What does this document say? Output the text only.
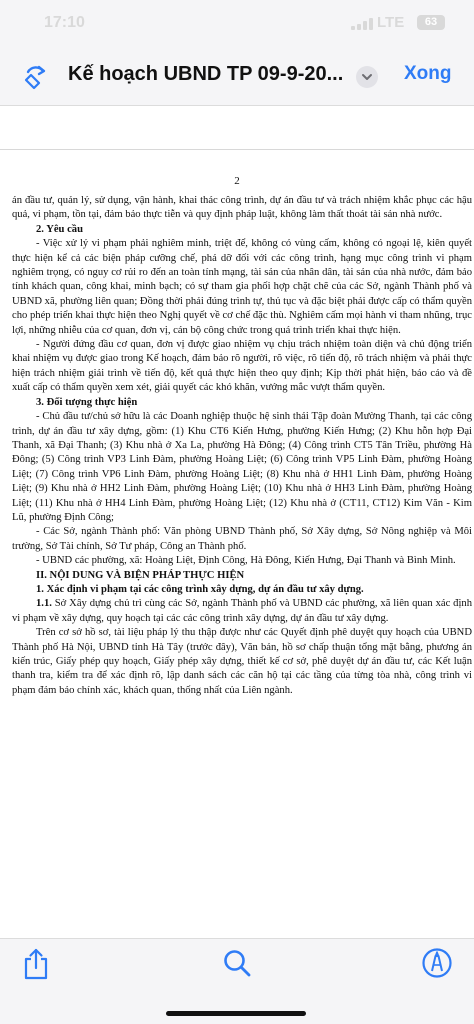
17:10	LTE	63
Kế hoạch UBND TP 09-9-20...	Xong
2

án đầu tư, quản lý, sử dụng, vận hành, khai thác công trình, dự án đầu tư và trách nhiệm khắc phục các hậu quả, vi phạm, tồn tại, đảm bảo thực tiễn và quy định pháp luật, không làm thất thoát tài sản nhà nước.

2. Yêu cầu

- Việc xử lý vi phạm phải nghiêm minh, triệt để, không có vùng cấm, không có ngoại lệ, kiên quyết thực hiện kể cả các biện pháp cưỡng chế, phá dỡ đối với các công trình, hạng mục công trình vi phạm nghiêm trọng, có nguy cơ rủi ro đến an toàn tính mạng, tài sản của nhân dân, tài sản của nhà nước, đảm bảo tính khách quan, công khai, minh bạch; có sự tham gia phối hợp chặt chẽ của các Sở, ngành Thành phố và UBND xã, phường liên quan; Đồng thời phải đúng trình tự, thủ tục và đặc biệt phải được cấp có thẩm quyền cho phép triển khai thực hiện theo Nghị quyết về cơ chế đặc thù. Nghiêm cấm mọi hành vi tham nhũng, trục lợi, những nhiễu của cơ quan, đơn vị, cán bộ công chức trong quá trình triển khai thực hiện.

- Người đứng đầu cơ quan, đơn vị được giao nhiệm vụ chịu trách nhiệm toàn diện và chủ động triển khai nhiệm vụ được giao trong Kế hoạch, đảm bảo rõ người, rõ việc, rõ tiến độ, rõ trách nhiệm và phải thực hiện trách nhiệm giải trình về tiến độ, kết quả thực hiện theo quy định; Kịp thời phát hiện, báo cáo và đề xuất cấp có thẩm quyền xem xét, giải quyết các khó khăn, vướng mắc vượt thẩm quyền.

3. Đối tượng thực hiện

- Chủ đầu tư/chủ sở hữu là các Doanh nghiệp thuộc hệ sinh thái Tập đoàn Mường Thanh, tại các công trình, dự án đầu tư xây dựng, gồm: (1) Khu CT6 Kiến Hưng, phường Kiến Hưng; (2) Khu hỗn hợp Đại Thanh, xã Đại Thanh; (3) Khu nhà ở Xa La, phường Hà Đông; (4) Công trình CT5 Tân Triều, phường Hà Đông; (5) Công trình VP3 Linh Đàm, phường Hoàng Liệt; (6) Công trình VP5 Linh Đàm, phường Hoàng Liệt; (7) Công trình VP6 Linh Đàm, phường Hoàng Liệt; (8) Khu nhà ở HH1 Linh Đàm, phường Hoàng Liệt; (9) Khu nhà ở HH2 Linh Đàm, phường Hoàng Liệt; (10) Khu nhà ở HH3 Linh Đàm, phường Hoàng Liệt; (11) Khu nhà ở HH4 Linh Đàm, phường Hoàng Liệt; (12) Khu nhà ở (CT11, CT12) Kim Văn - Kim Lũ, phường Định Công;

- Các Sở, ngành Thành phố: Văn phòng UBND Thành phố, Sở Xây dựng, Sở Nông nghiệp và Môi trường, Sở Tài chính, Sở Tư pháp, Công an Thành phố.

- UBND các phường, xã: Hoàng Liệt, Định Công, Hà Đông, Kiến Hưng, Đại Thanh và Bình Minh.

II. NỘI DUNG VÀ BIỆN PHÁP THỰC HIỆN

1. Xác định vi phạm tại các công trình xây dựng, dự án đầu tư xây dựng.

1.1. Sở Xây dựng chủ trì cùng các Sở, ngành Thành phố và UBND các phường, xã liên quan xác định vi phạm về xây dựng, quy hoạch tại các các công trình xây dựng, dự án đầu tư xây dựng.

Trên cơ sở hồ sơ, tài liệu pháp lý thu thập được như các Quyết định phê duyệt quy hoạch của UBND Thành phố Hà Nội, UBND tỉnh Hà Tây (trước đây), Văn bản, hồ sơ chấp thuận tổng mặt bằng, phương án kiến trúc, Giấy phép quy hoạch, Giấy phép xây dựng, thiết kế cơ sở, phê duyệt dự án đầu tư, các Kết luận thanh tra, kiểm tra để xác định rõ, lập danh sách các căn hộ tại các tầng của từng tòa nhà, công trình vi phạm đảm bảo chính xác, khách quan, thống nhất của Liên ngành.
